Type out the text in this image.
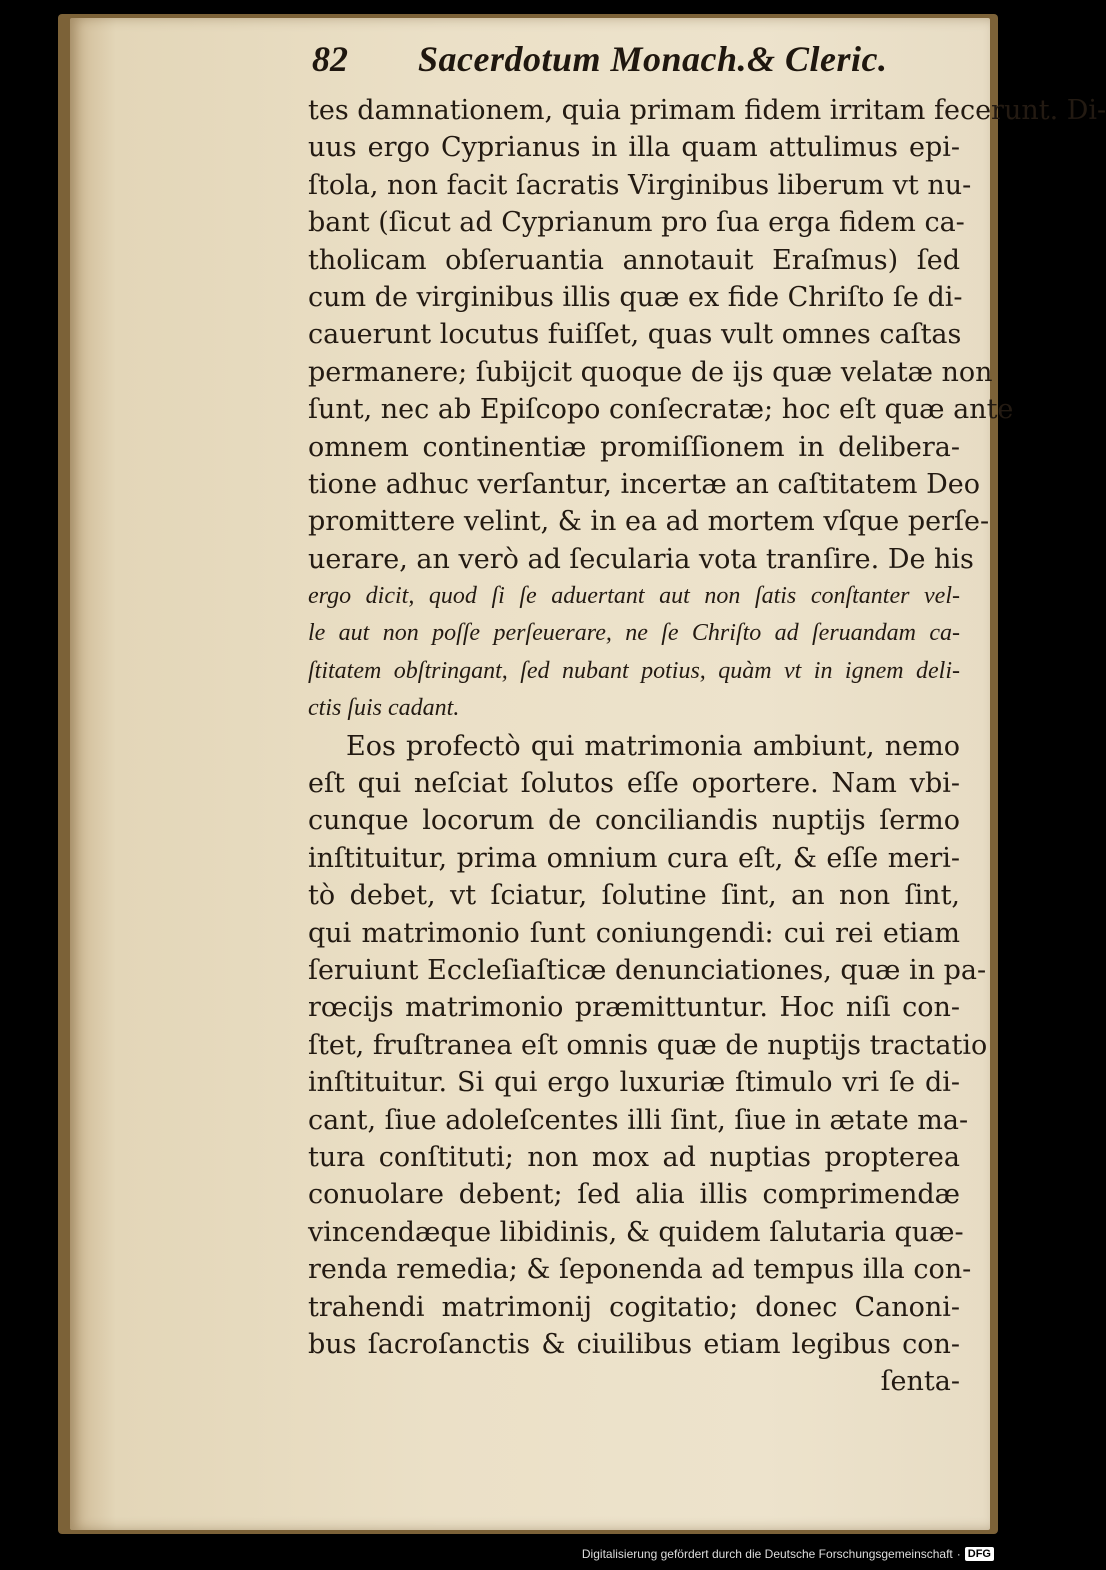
82 Sacerdotum Monach.& Cleric.
tes damnationem, quia primam fidem irritam fecerunt. Di-
uus ergo Cyprianus in illa quam attulimus epi-
ſtola, non facit ſacratis Virginibus liberum vt nu-
bant (ſicut ad Cyprianum pro ſua erga fidem ca-
tholicam obſeruantia annotauit Eraſmus) ſed
cum de virginibus illis quæ ex fide Chriſto ſe di-
cauerunt locutus fuiſſet, quas vult omnes caſtas
permanere; ſubijcit quoque de ijs quæ velatæ non
ſunt, nec ab Epiſcopo conſecratæ; hoc eſt quæ ante
omnem continentiæ promiſſionem in delibera-
tione adhuc verſantur, incertæ an caſtitatem Deo
promittere velint, & in ea ad mortem vſque perſe-
uerare, an verò ad ſecularia vota tranſire. De his
ergo dicit, quod ſi ſe aduertant aut non ſatis conſtanter vel-
le aut non poſſe perſeuerare, ne ſe Chriſto ad ſeruandam ca-
ſtitatem obſtringant, ſed nubant potius, quàm vt in ignem deli-
ctis ſuis cadant.
Eos profectò qui matrimonia ambiunt, nemo
eſt qui neſciat ſolutos eſſe oportere. Nam vbi-
cunque locorum de conciliandis nuptijs ſermo
inſtituitur, prima omnium cura eſt, & eſſe meri-
tò debet, vt ſciatur, ſolutine ſint, an non ſint,
qui matrimonio ſunt coniungendi: cui rei etiam
ſeruiunt Eccleſiaſticæ denunciationes, quæ in pa-
rœcijs matrimonio præmittuntur. Hoc niſi con-
ſtet, fruſtranea eſt omnis quæ de nuptijs tractatio
inſtituitur. Si qui ergo luxuriæ ſtimulo vri ſe di-
cant, ſiue adoleſcentes illi ſint, ſiue in ætate ma-
tura conſtituti; non mox ad nuptias propterea
conuolare debent; ſed alia illis comprimendæ
vincendæque libidinis, & quidem ſalutaria quæ-
renda remedia; & ſeponenda ad tempus illa con-
trahendi matrimonij cogitatio; donec Canoni-
bus ſacroſanctis & ciuilibus etiam legibus con-
ſenta-
Digitalisierung gefördert durch die Deutsche Forschungsgemeinschaft · DFG
